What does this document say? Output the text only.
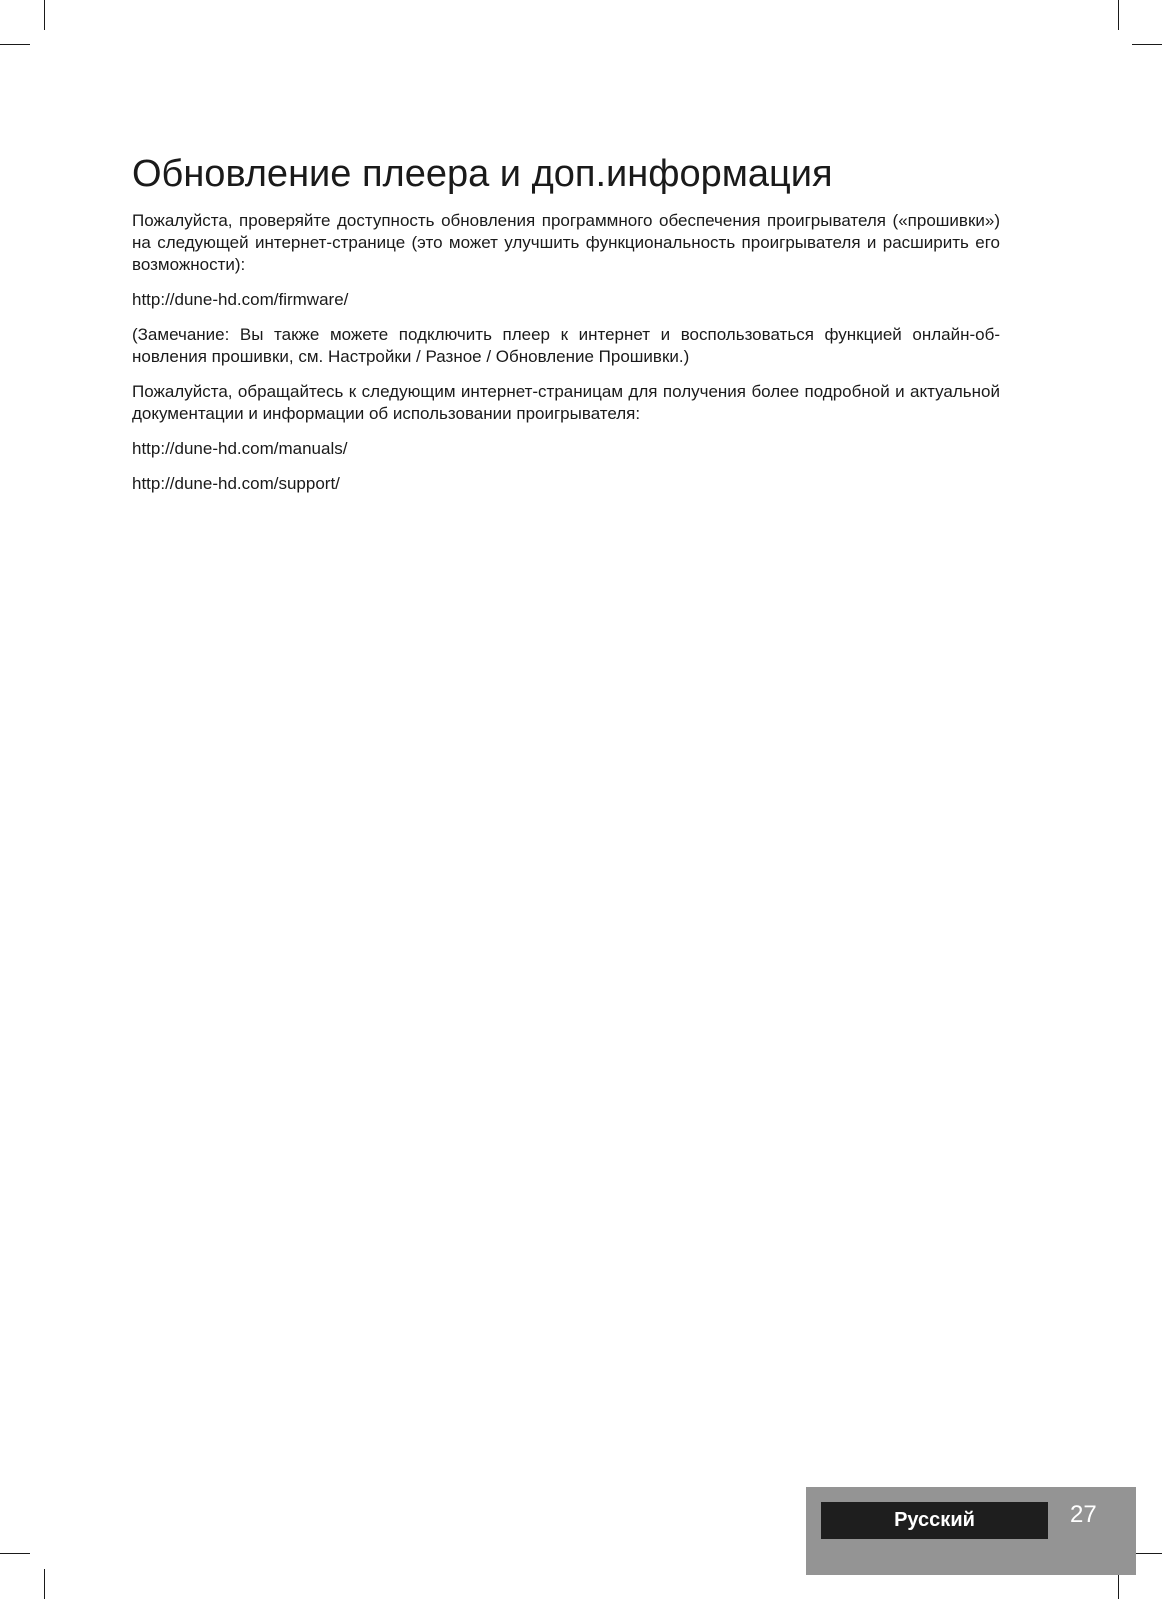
Обновление плеера и доп.информация

Пожалуйста, проверяйте доступность обновления программного обеспечения проигрывателя («прошивки») на следующей интернет-странице (это может улучшить функциональность проигрывателя и расширить его возможности):

http://dune-hd.com/firmware/

(Замечание: Вы также можете подключить плеер к интернет и воспользоваться функцией онлайн-обновления прошивки, см. Настройки / Разное / Обновление Прошивки.)

Пожалуйста, обращайтесь к следующим интернет-страницам для получения более подробной и актуальной документации и информации об использовании проигрывателя:

http://dune-hd.com/manuals/
http://dune-hd.com/support/
Русский	27
